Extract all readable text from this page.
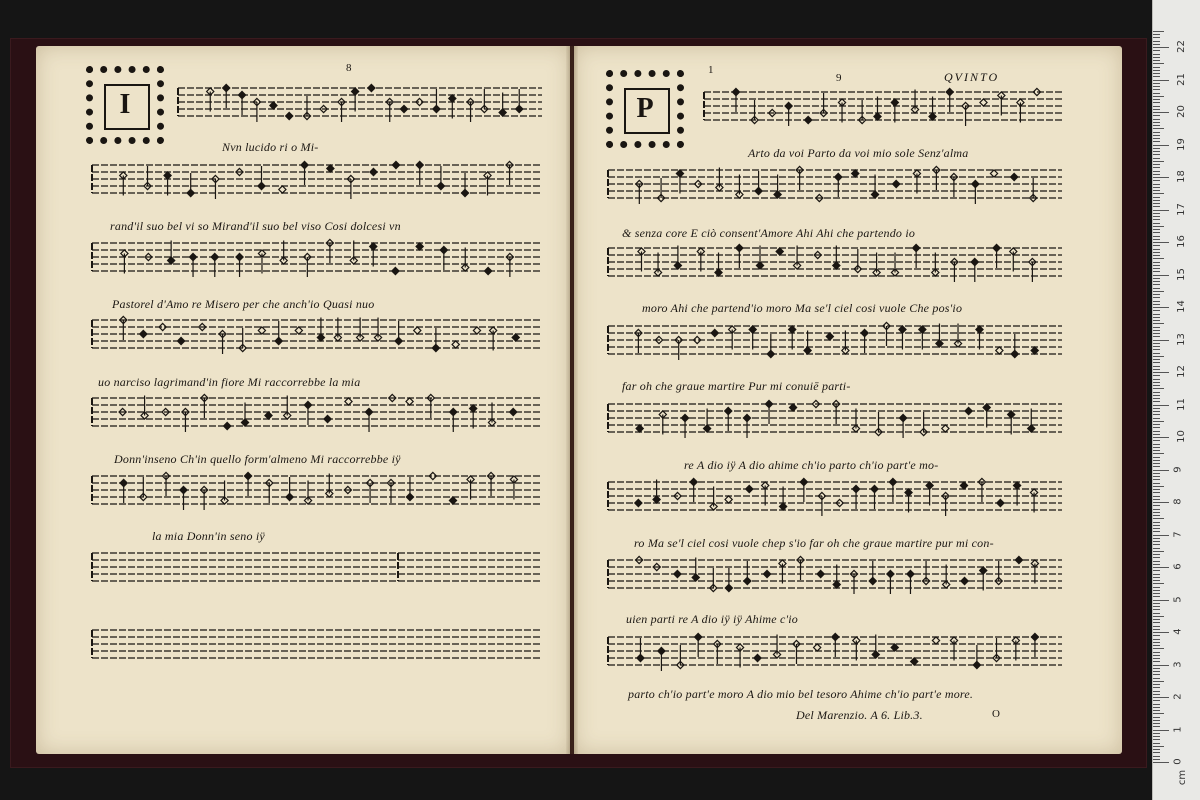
I
8
Nvn lucido ri o Mi-
rand'il suo bel vi so Mirand'il suo bel viso Cosi dolcesi vn
Pastorel d'Amo re Misero per che anch'io Quasi nuo
uo narciso lagrimand'in fiore Mi raccorrebbe la mia
Donn'inseno Ch'in quello form'almeno Mi raccorrebbe iÿ
la mia Donn'in seno iÿ
P
1
9	QVINTO
Arto da voi Parto da voi mio sole Senz'alma
& senza core E ciò consent'Amore Ahi Ahi che partendo io
moro Ahi che partend'io moro Ma se'l ciel cosi vuole Che pos'io
far oh che graue martire Pur mi conuiē parti-
re A dio iÿ A dio ahime ch'io parto ch'io part'e mo-
ro Ma se'l ciel cosi vuole chep s'io far oh che graue martire pur mi con-
uien parti re A dio iÿ iÿ Ahime c'io
parto ch'io part'e moro A dio mio bel tesoro Ahime ch'io part'e more.
Del Marenzio. A 6. Lib.3.	O
0
1
2
3
4
5
6
7
8
9
10
11
12
13
14
15
16
17
18
19
20
21
22
cm
